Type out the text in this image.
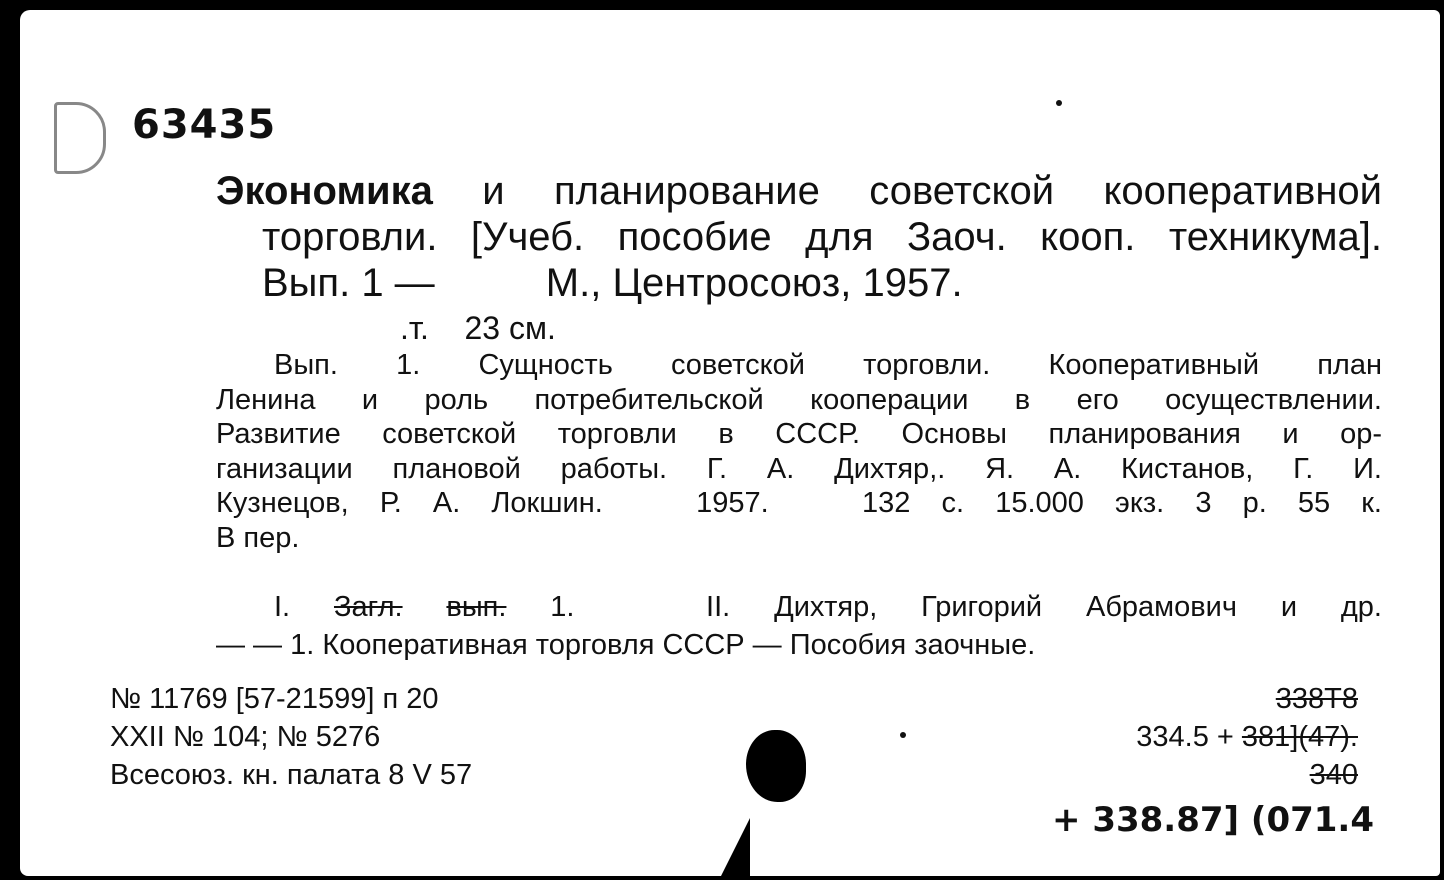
63435
Экономика и планирование советской кооперативной
торговли. [Учеб. пособие для Заоч. кооп. техникума].
Вып. 1 —          М., Центросоюз, 1957.
.т.    23 см.
Вып. 1. Сущность советской торговли. Кооперативный план
Ленина и роль потребительской кооперации в его осуществлении.
Развитие советской торговли в СССР. Основы планирования и ор-
ганизации плановой работы. Г. А. Дихтяр,. Я. А. Кистанов, Г. И.
Кузнецов, Р. А. Локшин.   1957.   132 с. 15.000 экз. 3 р. 55 к.
В пер.
I. Загл. вып. 1.   II. Дихтяр, Григорий Абрамович и др.
— — 1. Кооперативная торговля СССР — Пособия заочные.
№ 11769 [57-21599] п 20
XXII № 104; № 5276
Всесоюз. кн. палата 8 V 57
338Т8
334.5 + 381](47).
340
+ 338.87] (071.4
